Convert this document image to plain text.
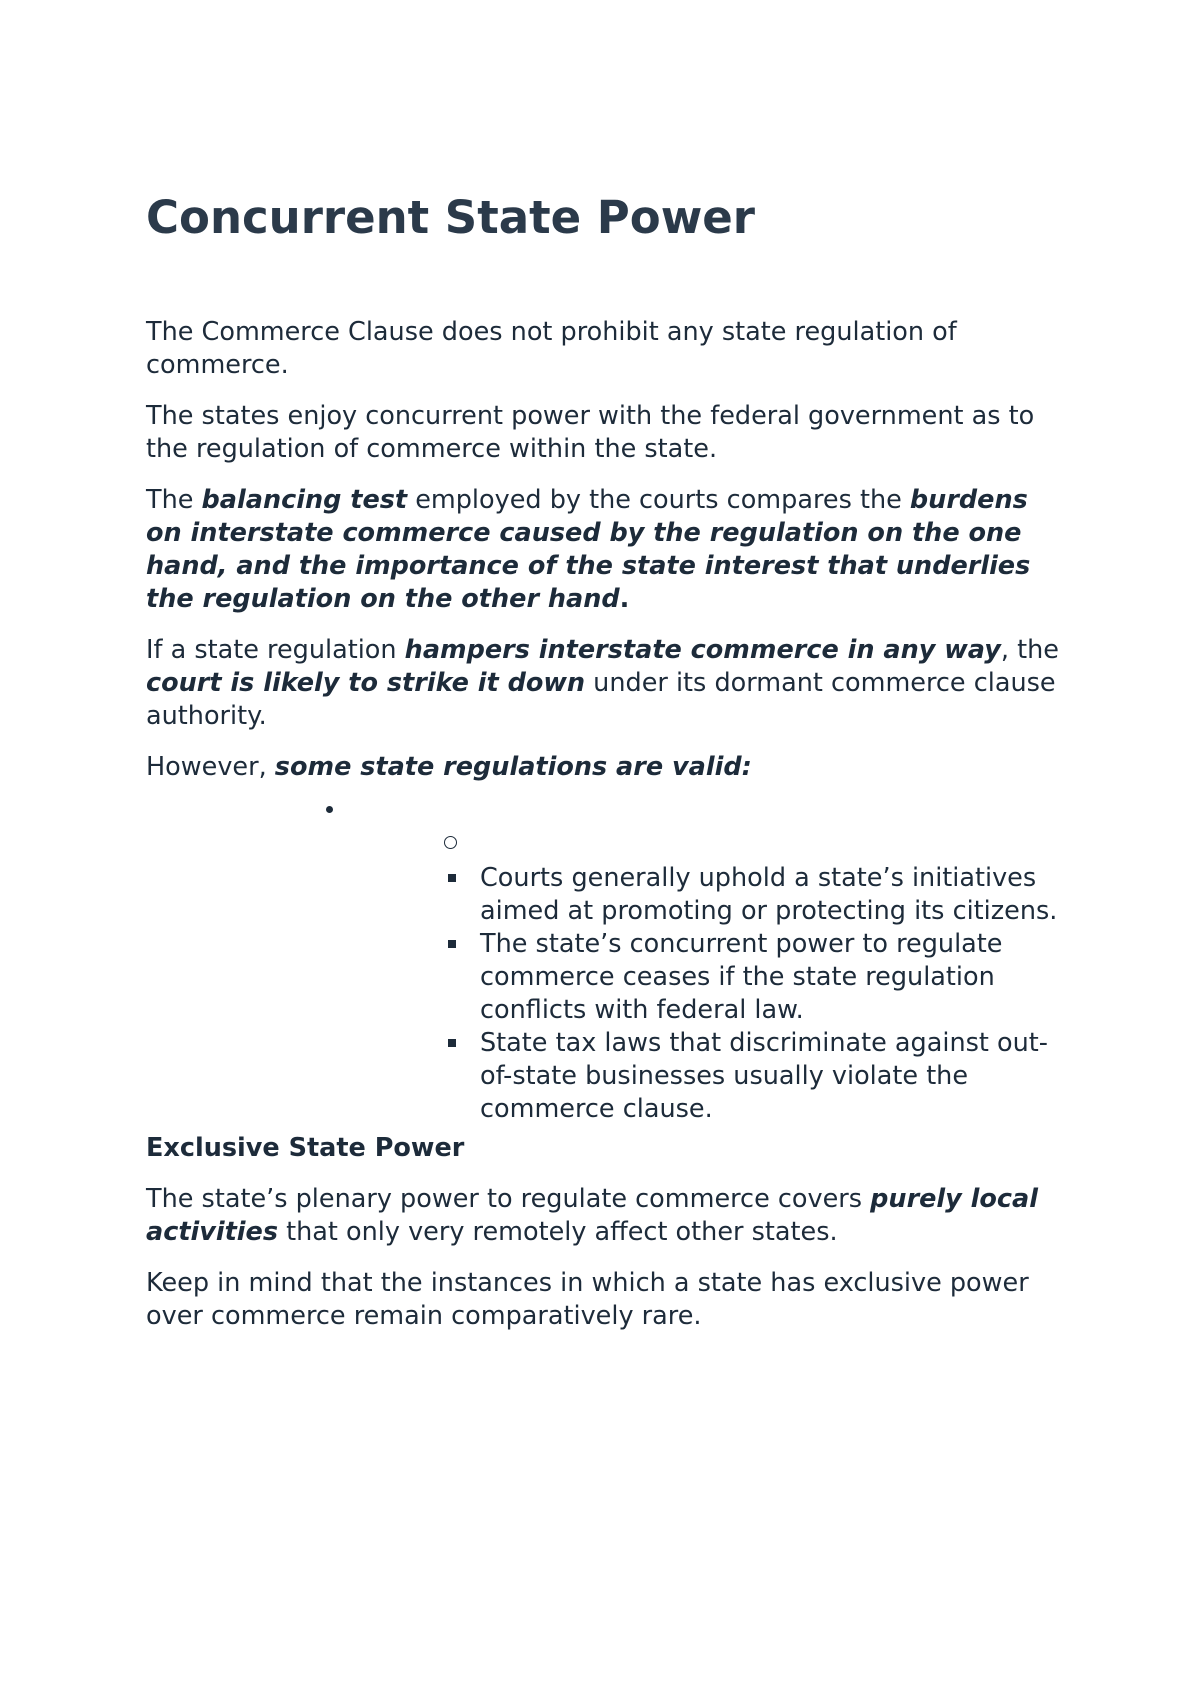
Concurrent State Power

The Commerce Clause does not prohibit any state regulation of commerce.

The states enjoy concurrent power with the federal government as to the regulation of commerce within the state.

The balancing test employed by the courts compares the burdens on interstate commerce caused by the regulation on the one hand, and the importance of the state interest that underlies the regulation on the other hand.

If a state regulation hampers interstate commerce in any way, the court is likely to strike it down under its dormant commerce clause authority.

However, some state regulations are valid:

Courts generally uphold a state’s initiatives aimed at promoting or protecting its citizens.
The state’s concurrent power to regulate commerce ceases if the state regulation conflicts with federal law.
State tax laws that discriminate against out-of-state businesses usually violate the commerce clause.
Exclusive State Power

The state’s plenary power to regulate commerce covers purely local activities that only very remotely affect other states.

Keep in mind that the instances in which a state has exclusive power over commerce remain comparatively rare.
